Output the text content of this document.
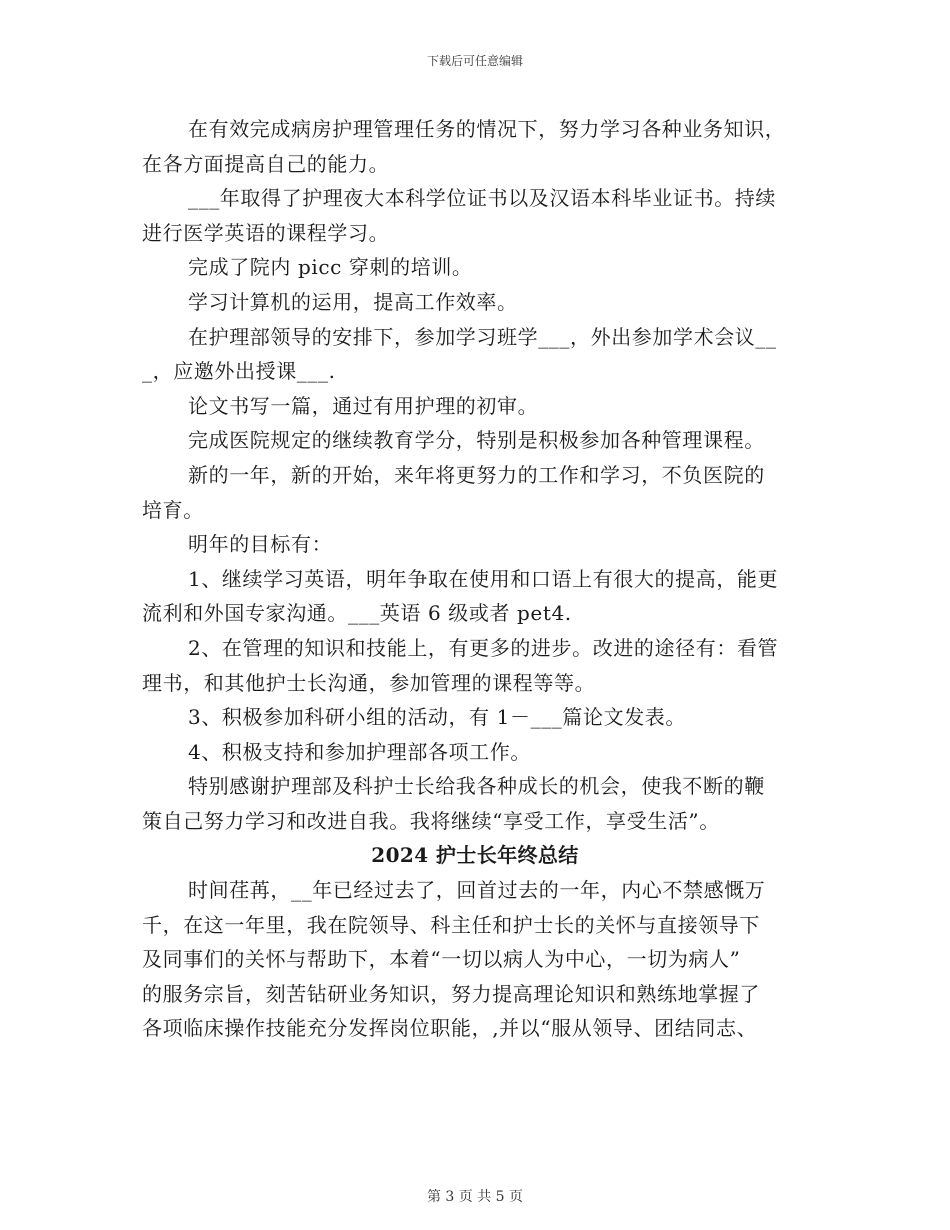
下载后可任意编辑
在有效完成病房护理管理任务的情况下，努力学习各种业务知识，
在各方面提高自己的能力。
___年取得了护理夜大本科学位证书以及汉语本科毕业证书。持续
进行医学英语的课程学习。
完成了院内 picc 穿刺的培训。
学习计算机的运用，提高工作效率。
在护理部领导的安排下，参加学习班学___，外出参加学术会议__
_，应邀外出授课___.
论文书写一篇，通过有用护理的初审。
完成医院规定的继续教育学分，特别是积极参加各种管理课程。
新的一年，新的开始，来年将更努力的工作和学习，不负医院的
培育。
明年的目标有：
1、继续学习英语，明年争取在使用和口语上有很大的提高，能更
流利和外国专家沟通。___英语 6 级或者 pet4.
2、在管理的知识和技能上，有更多的进步。改进的途径有：看管
理书，和其他护士长沟通，参加管理的课程等等。
3、积极参加科研小组的活动，有 1－___篇论文发表。
4、积极支持和参加护理部各项工作。
特别感谢护理部及科护士长给我各种成长的机会，使我不断的鞭
策自己努力学习和改进自我。我将继续“享受工作，享受生活”。
2024 护士长年终总结
时间荏苒，__年已经过去了，回首过去的一年，内心不禁感慨万
千，在这一年里，我在院领导、科主任和护士长的关怀与直接领导下
及同事们的关怀与帮助下，本着“一切以病人为中心，一切为病人”
的服务宗旨，刻苦钻研业务知识，努力提高理论知识和熟练地掌握了
各项临床操作技能充分发挥岗位职能，,并以“服从领导、团结同志、
第 3 页 共 5 页
